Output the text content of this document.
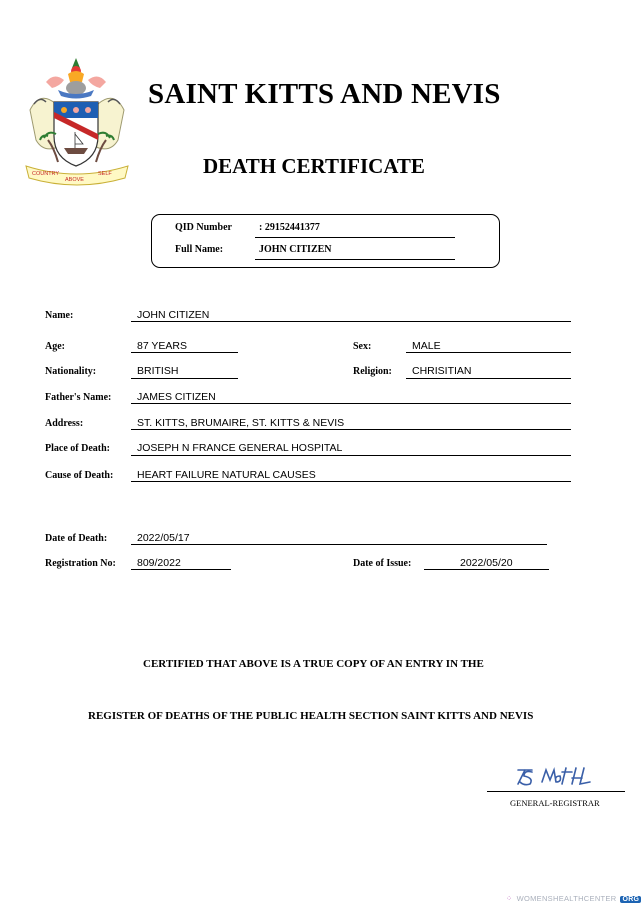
COUNTRY
ABOVE
SELF
SAINT KITTS AND NEVIS
DEATH CERTIFICATE
QID Number	: 29152441377
Full Name:	JOHN CITIZEN
Name:	JOHN CITIZEN
Age:	87 YEARS	Sex:	MALE
Nationality:	BRITISH	Religion: CHRISITIAN
Father's Name: JAMES CITIZEN
Address:	ST. KITTS, BRUMAIRE, ST. KITTS & NEVIS
Place of Death:	JOSEPH N FRANCE GENERAL HOSPITAL
Cause of Death: HEART FAILURE NATURAL CAUSES
Date of Death:	2022/05/17
Registration No: 809/2022	Date of Issue:	2022/05/20
CERTIFIED THAT ABOVE IS A TRUE COPY OF AN ENTRY IN THE
REGISTER OF DEATHS OF THE PUBLIC HEALTH SECTION SAINT KITTS AND NEVIS
GENERAL-REGISTRAR
⁘ WOMENSHEALTHCENTER ORG
